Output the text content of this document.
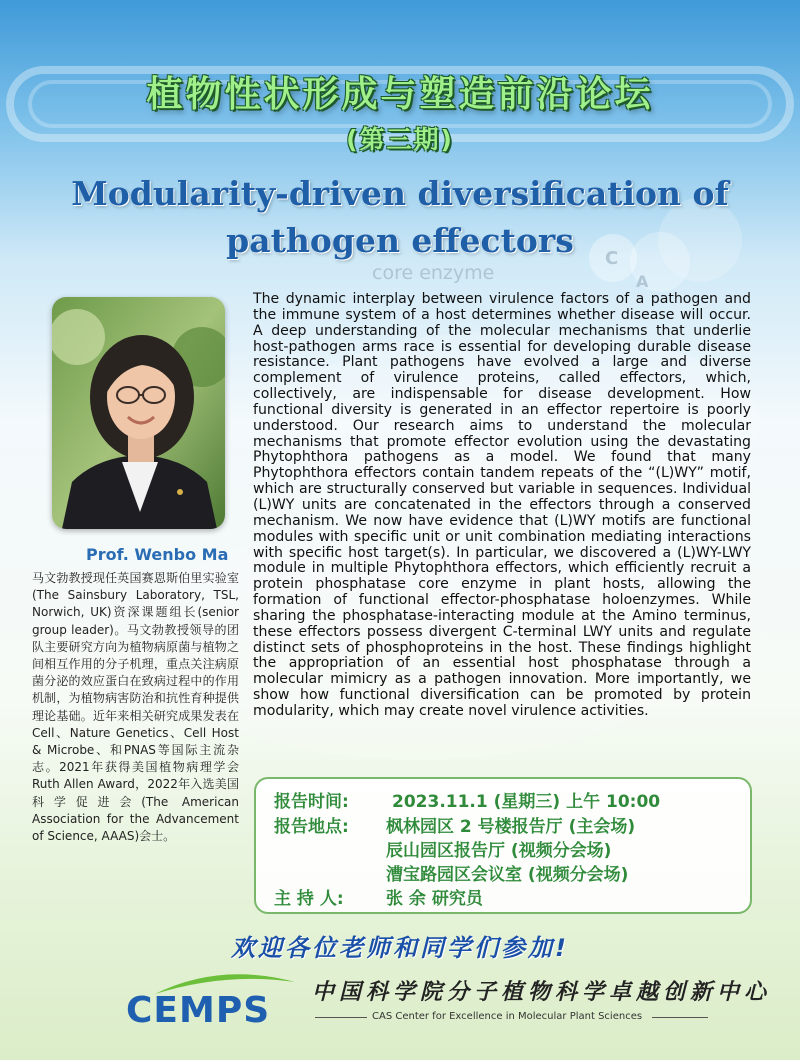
core enzyme
C
A
植物性状形成与塑造前沿论坛
(第三期)
Modularity-driven diversification of
pathogen effectors
Prof. Wenbo Ma
马文勃教授现任英国赛恩斯伯里实验室(The Sainsbury Laboratory, TSL, Norwich, UK)资深课题组长(senior group leader)。马文勃教授领导的团队主要研究方向为植物病原菌与植物之间相互作用的分子机理，重点关注病原菌分泌的效应蛋白在致病过程中的作用机制，为植物病害防治和抗性育种提供理论基础。近年来相关研究成果发表在Cell、Nature Genetics、Cell Host & Microbe、和PNAS等国际主流杂志。2021年获得美国植物病理学会Ruth Allen Award，2022年入选美国科学促进会(The American Association for the Advancement of Science, AAAS)会士。
The dynamic interplay between virulence factors of a pathogen and the immune system of a host determines whether disease will occur. A deep understanding of the molecular mechanisms that underlie host-pathogen arms race is essential for developing durable disease resistance. Plant pathogens have evolved a large and diverse complement of virulence proteins, called effectors, which, collectively, are indispensable for disease development. How functional diversity is generated in an effector repertoire is poorly understood. Our research aims to understand the molecular mechanisms that promote effector evolution using the devastating Phytophthora pathogens as a model. We found that many Phytophthora effectors contain tandem repeats of the “(L)WY” motif, which are structurally conserved but variable in sequences. Individual (L)WY units are concatenated in the effectors through a conserved mechanism. We now have evidence that (L)WY motifs are functional modules with specific unit or unit combination mediating interactions with specific host target(s). In particular, we discovered a (L)WY-LWY module in multiple Phytophthora effectors, which efficiently recruit a protein phosphatase core enzyme in plant hosts, allowing the formation of functional effector-phosphatase holoenzymes. While sharing the phosphatase-interacting module at the Amino terminus, these effectors possess divergent C-terminal LWY units and regulate distinct sets of phosphoproteins in the host. These findings highlight the appropriation of an essential host phosphatase through a molecular mimicry as a pathogen innovation. More importantly, we show how functional diversification can be promoted by protein modularity, which may create novel virulence activities.
报告时间:	2023.11.1 (星期三) 上午 10:00
报告地点: 枫林园区 2 号楼报告厅 (主会场)
辰山园区报告厅 (视频分会场)
漕宝路园区会议室 (视频分会场)
主 持 人: 张 余 研究员
欢迎各位老师和同学们参加!
CEMPS 中国科学院分子植物科学卓越创新中心
CAS Center for Excellence in Molecular Plant Sciences
